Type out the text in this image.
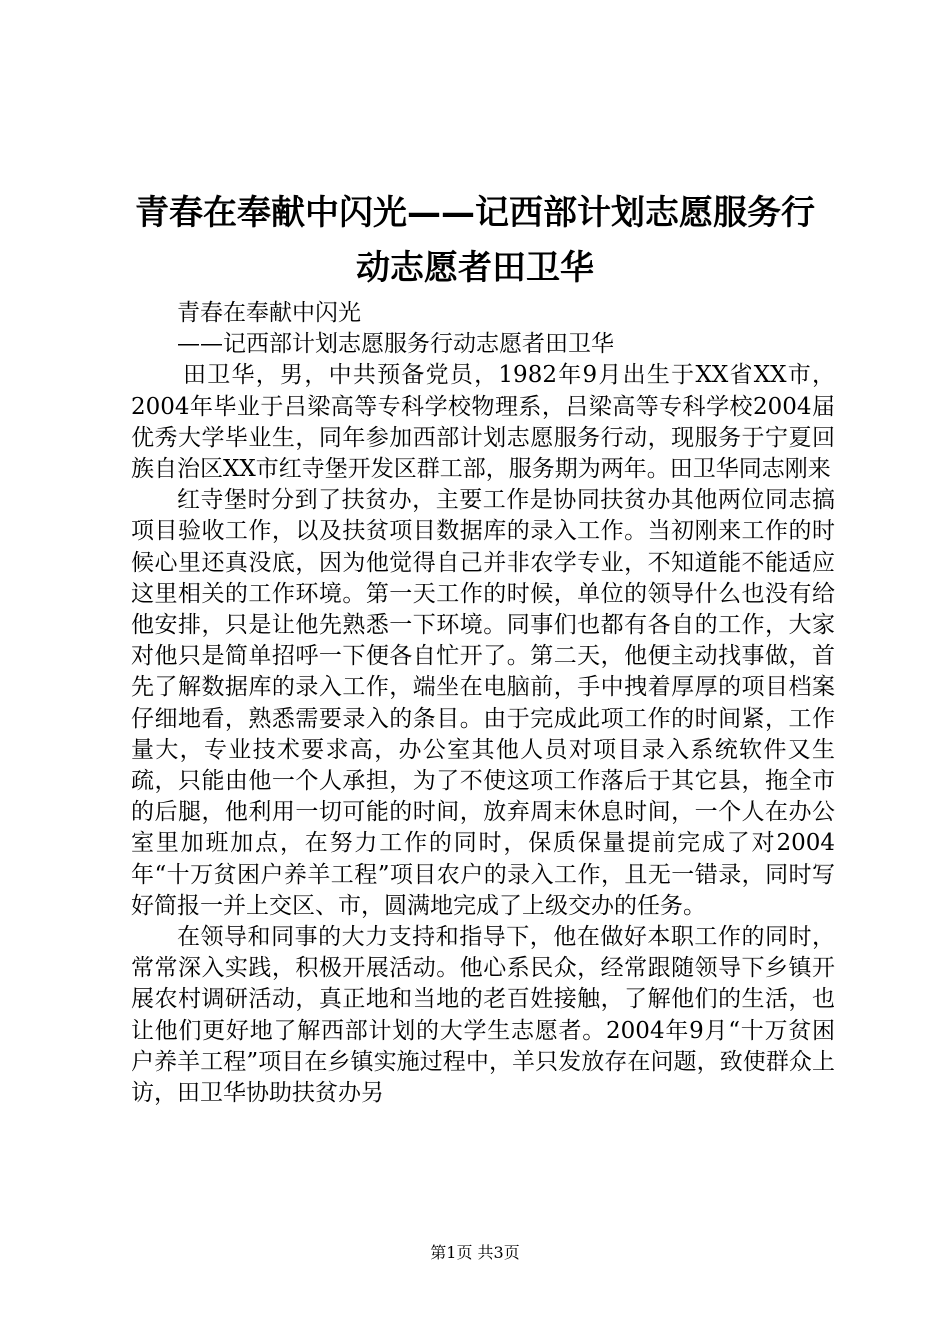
青春在奉献中闪光——记西部计划志愿服务行动志愿者田卫华

青春在奉献中闪光

——记西部计划志愿服务行动志愿者田卫华

田卫华，男，中共预备党员，1982年9月出生于XX省XX市，2004年毕业于吕梁高等专科学校物理系，吕梁高等专科学校2004届优秀大学毕业生，同年参加西部计划志愿服务行动，现服务于宁夏回族自治区XX市红寺堡开发区群工部，服务期为两年。田卫华同志刚来

红寺堡时分到了扶贫办，主要工作是协同扶贫办其他两位同志搞项目验收工作，以及扶贫项目数据库的录入工作。当初刚来工作的时候心里还真没底，因为他觉得自己并非农学专业，不知道能不能适应这里相关的工作环境。第一天工作的时候，单位的领导什么也没有给他安排，只是让他先熟悉一下环境。同事们也都有各自的工作，大家对他只是简单招呼一下便各自忙开了。第二天，他便主动找事做，首先了解数据库的录入工作，端坐在电脑前，手中拽着厚厚的项目档案仔细地看，熟悉需要录入的条目。由于完成此项工作的时间紧，工作量大，专业技术要求高，办公室其他人员对项目录入系统软件又生疏，只能由他一个人承担，为了不使这项工作落后于其它县，拖全市的后腿，他利用一切可能的时间，放弃周末休息时间，一个人在办公室里加班加点，在努力工作的同时，保质保量提前完成了对2004年“十万贫困户养羊工程”项目农户的录入工作，且无一错录，同时写好简报一并上交区、市，圆满地完成了上级交办的任务。

在领导和同事的大力支持和指导下，他在做好本职工作的同时，常常深入实践，积极开展活动。他心系民众，经常跟随领导下乡镇开展农村调研活动，真正地和当地的老百姓接触，了解他们的生活，也让他们更好地了解西部计划的大学生志愿者。2004年9月“十万贫困户养羊工程”项目在乡镇实施过程中，羊只发放存在问题，致使群众上访，田卫华协助扶贫办另

第1页 共3页
